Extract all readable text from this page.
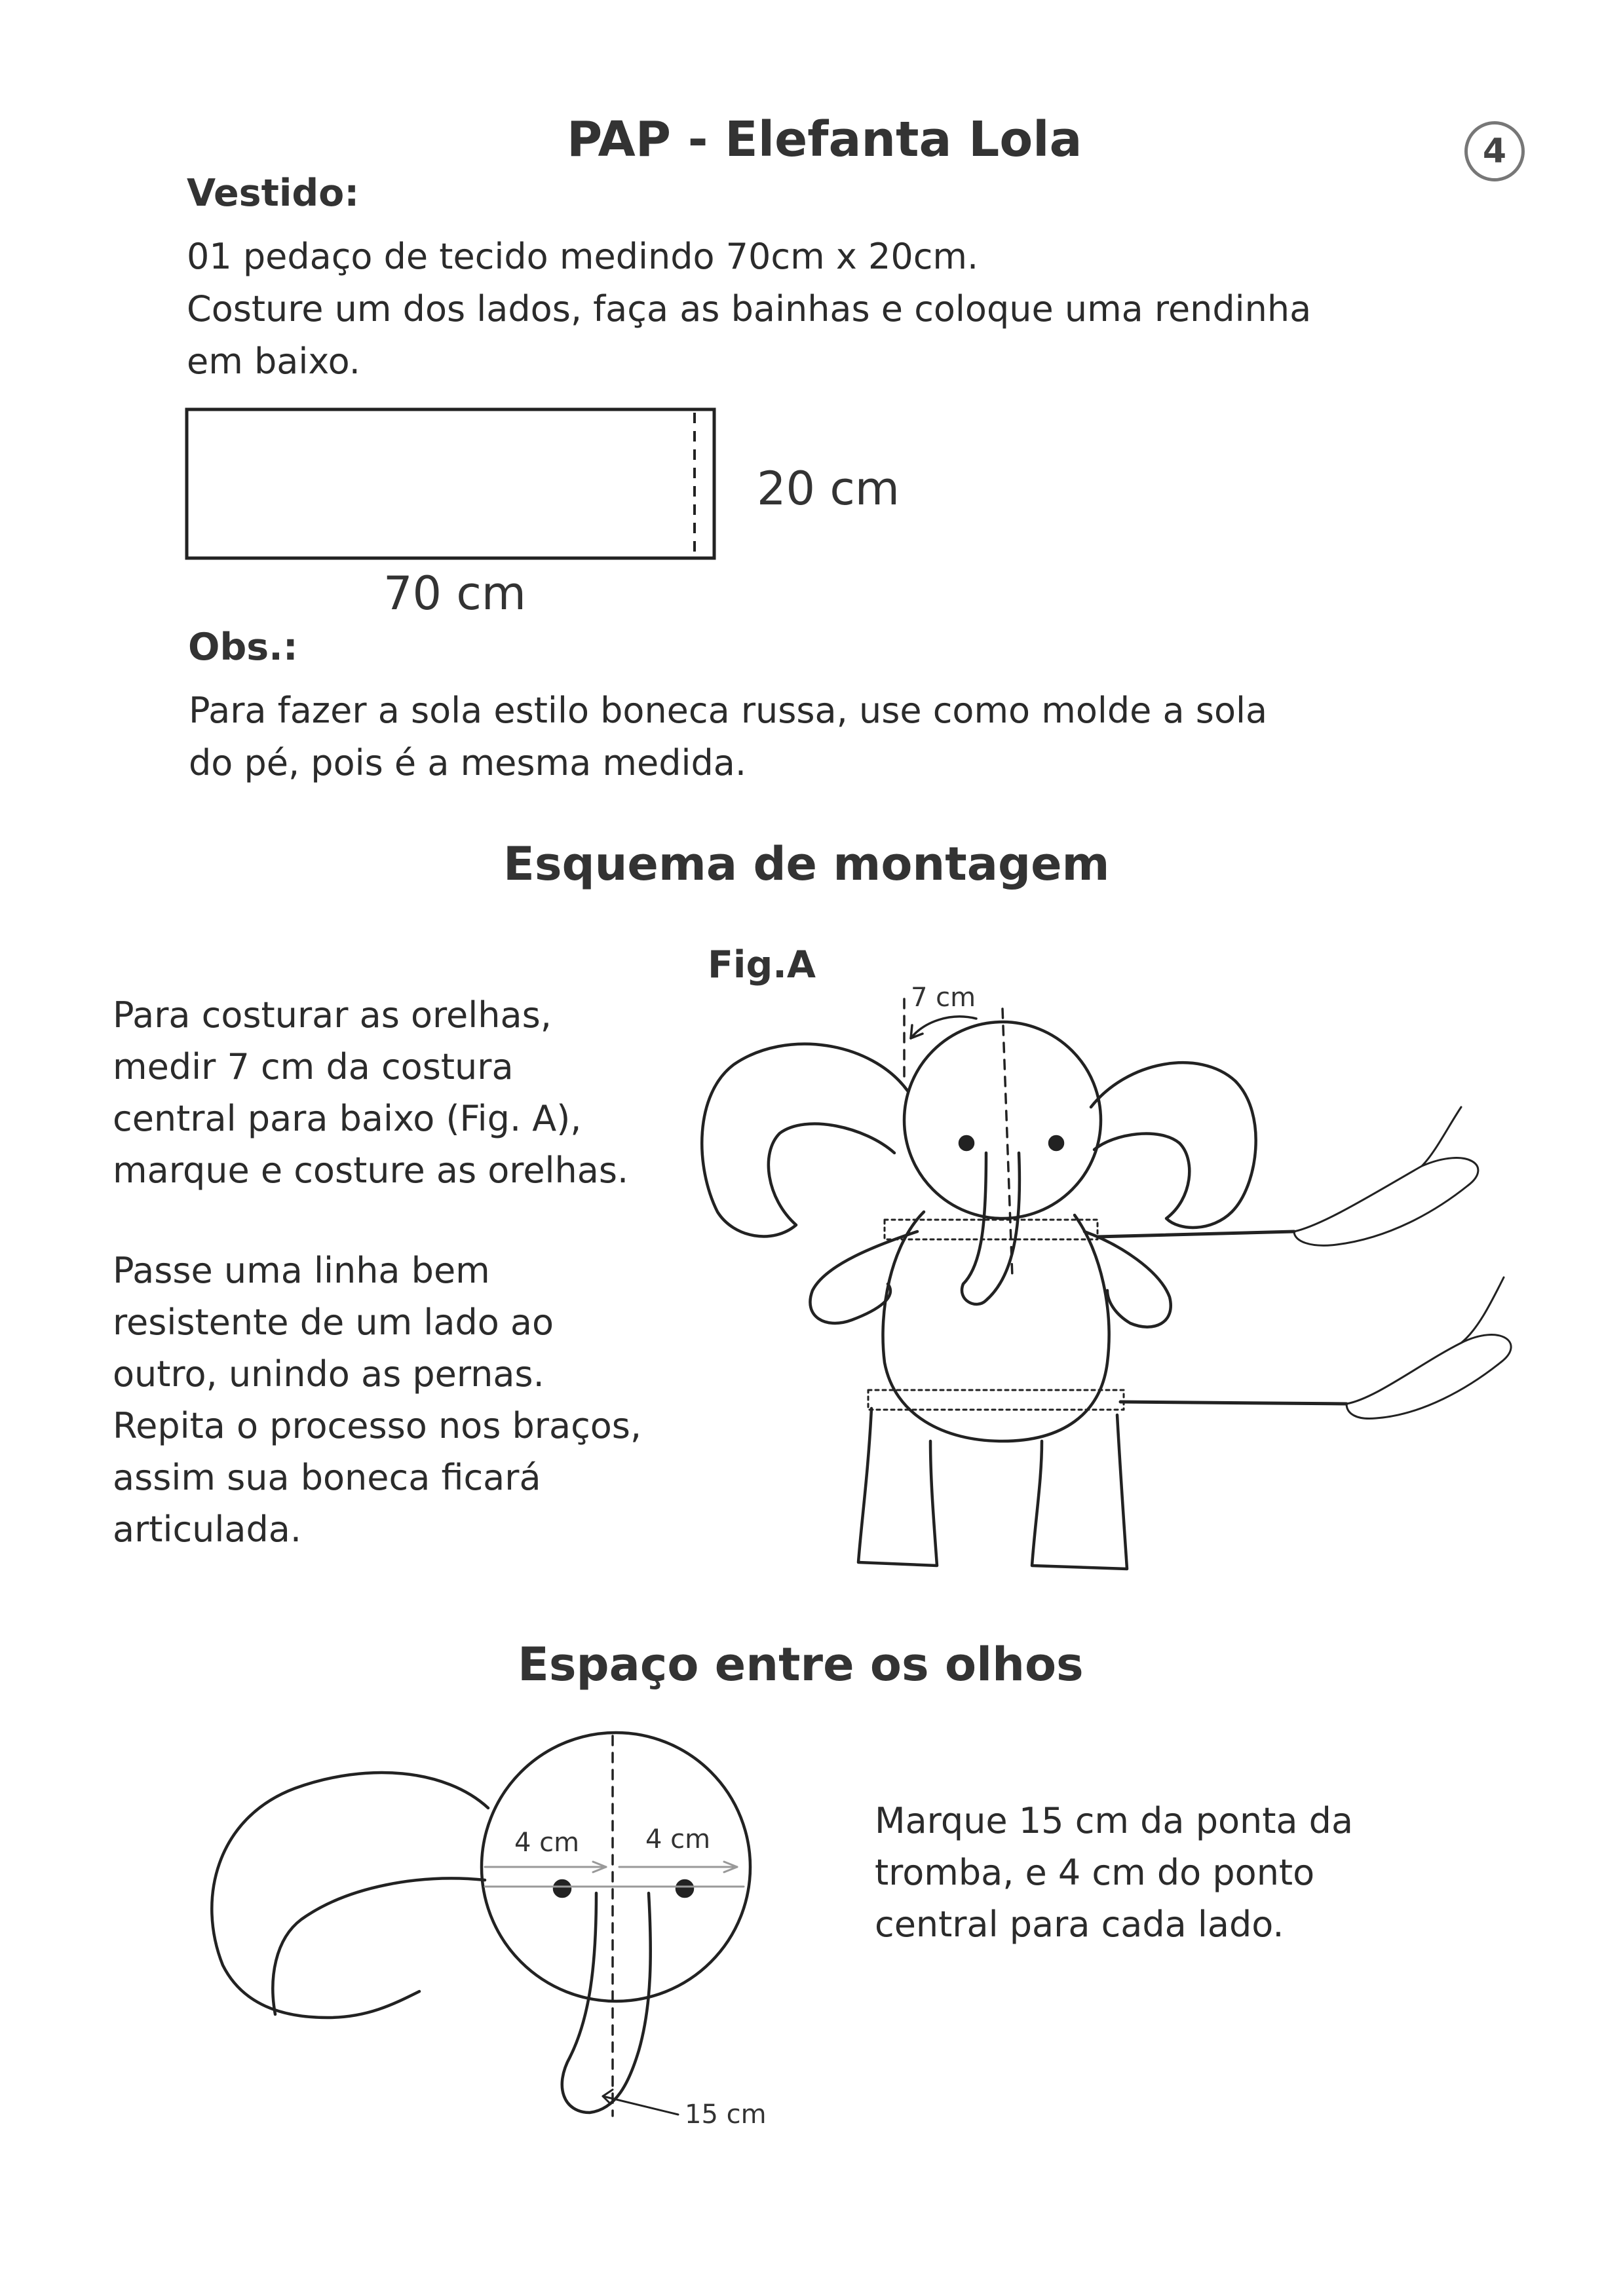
PAP - Elefanta Lola	4
Vestido:
01 pedaço de tecido medindo 70cm x 20cm.
Costure um dos lados, faça as bainhas e coloque uma rendinha
em baixo.
20 cm
70 cm
Obs.:
Para fazer a sola estilo boneca russa, use como molde a sola
do pé, pois é a mesma medida.
Esquema de montagem
Fig.A
Para costurar as orelhas,
medir 7 cm da costura
central para baixo (Fig. A),
marque e costure as orelhas.
Passe uma linha bem
resistente de um lado ao
outro, unindo as pernas.
Repita o processo nos braços,
assim sua boneca ficará
articulada.
7 cm
Espaço entre os olhos
4 cm	4 cm
15 cm
Marque 15 cm da ponta da
tromba, e 4 cm do ponto
central para cada lado.
